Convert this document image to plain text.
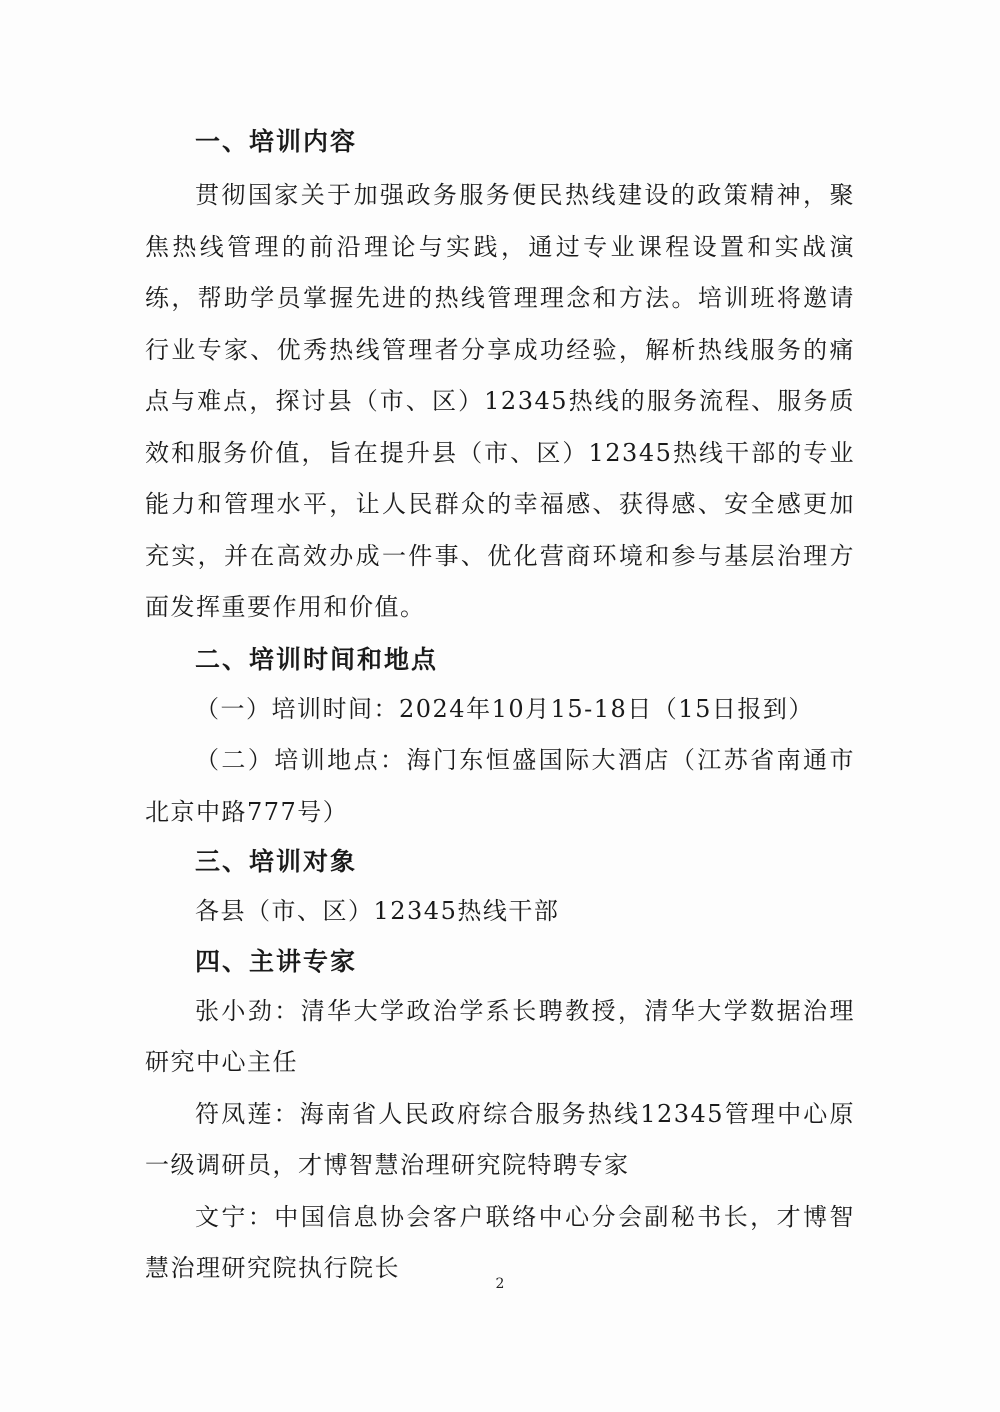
一、培训内容

贯彻国家关于加强政务服务便民热线建设的政策精神，聚焦热线管理的前沿理论与实践，通过专业课程设置和实战演练，帮助学员掌握先进的热线管理理念和方法。培训班将邀请行业专家、优秀热线管理者分享成功经验，解析热线服务的痛点与难点，探讨县（市、区）12345热线的服务流程、服务质效和服务价值，旨在提升县（市、区）12345热线干部的专业能力和管理水平，让人民群众的幸福感、获得感、安全感更加充实，并在高效办成一件事、优化营商环境和参与基层治理方面发挥重要作用和价值。

二、培训时间和地点

（一）培训时间：2024年10月15-18日（15日报到）

（二）培训地点：海门东恒盛国际大酒店（江苏省南通市北京中路777号）

三、培训对象

各县（市、区）12345热线干部

四、主讲专家

张小劲：清华大学政治学系长聘教授，清华大学数据治理研究中心主任

符凤莲：海南省人民政府综合服务热线12345管理中心原一级调研员，才博智慧治理研究院特聘专家

文宁：中国信息协会客户联络中心分会副秘书长，才博智慧治理研究院执行院长

2
